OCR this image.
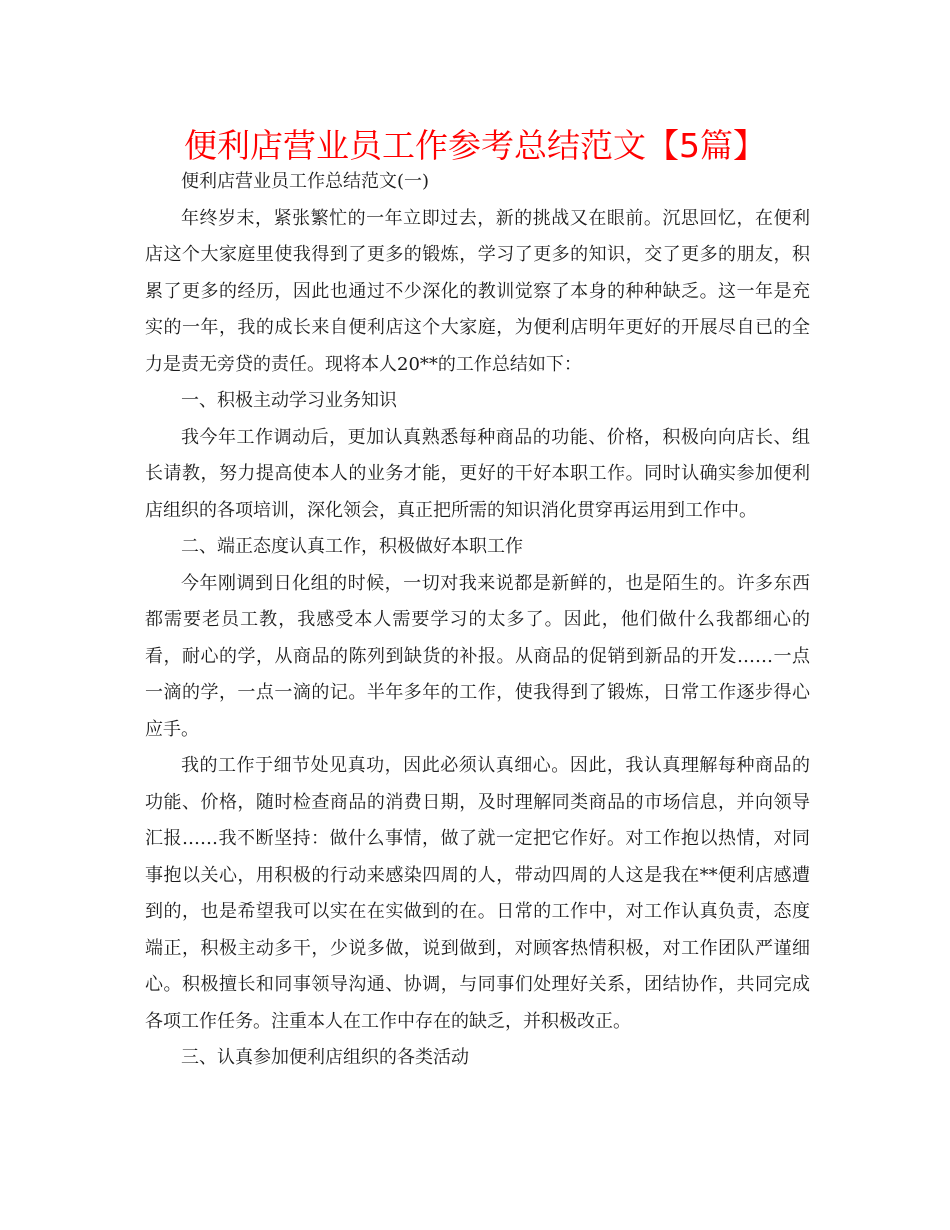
便利店营业员工作参考总结范文【5篇】

便利店营业员工作总结范文(一)

年终岁末，紧张繁忙的一年立即过去，新的挑战又在眼前。沉思回忆，在便利店这个大家庭里使我得到了更多的锻炼，学习了更多的知识，交了更多的朋友，积累了更多的经历，因此也通过不少深化的教训觉察了本身的种种缺乏。这一年是充实的一年，我的成长来自便利店这个大家庭，为便利店明年更好的开展尽自已的全力是责无旁贷的责任。现将本人20**的工作总结如下：

一、积极主动学习业务知识

我今年工作调动后，更加认真熟悉每种商品的功能、价格，积极向向店长、组长请教，努力提高使本人的业务才能，更好的干好本职工作。同时认确实参加便利店组织的各项培训，深化领会，真正把所需的知识消化贯穿再运用到工作中。

二、端正态度认真工作，积极做好本职工作

今年刚调到日化组的时候，一切对我来说都是新鲜的，也是陌生的。许多东西都需要老员工教，我感受本人需要学习的太多了。因此，他们做什么我都细心的看，耐心的学，从商品的陈列到缺货的补报。从商品的促销到新品的开发……一点一滴的学，一点一滴的记。半年多年的工作，使我得到了锻炼，日常工作逐步得心应手。

我的工作于细节处见真功，因此必须认真细心。因此，我认真理解每种商品的功能、价格，随时检查商品的消费日期，及时理解同类商品的市场信息，并向领导汇报……我不断坚持：做什么事情，做了就一定把它作好。对工作抱以热情，对同事抱以关心，用积极的行动来感染四周的人，带动四周的人这是我在**便利店感遭到的，也是希望我可以实在在实做到的在。日常的工作中，对工作认真负责，态度端正，积极主动多干，少说多做，说到做到，对顾客热情积极，对工作团队严谨细心。积极擅长和同事领导沟通、协调，与同事们处理好关系，团结协作，共同完成各项工作任务。注重本人在工作中存在的缺乏，并积极改正。

三、认真参加便利店组织的各类活动
